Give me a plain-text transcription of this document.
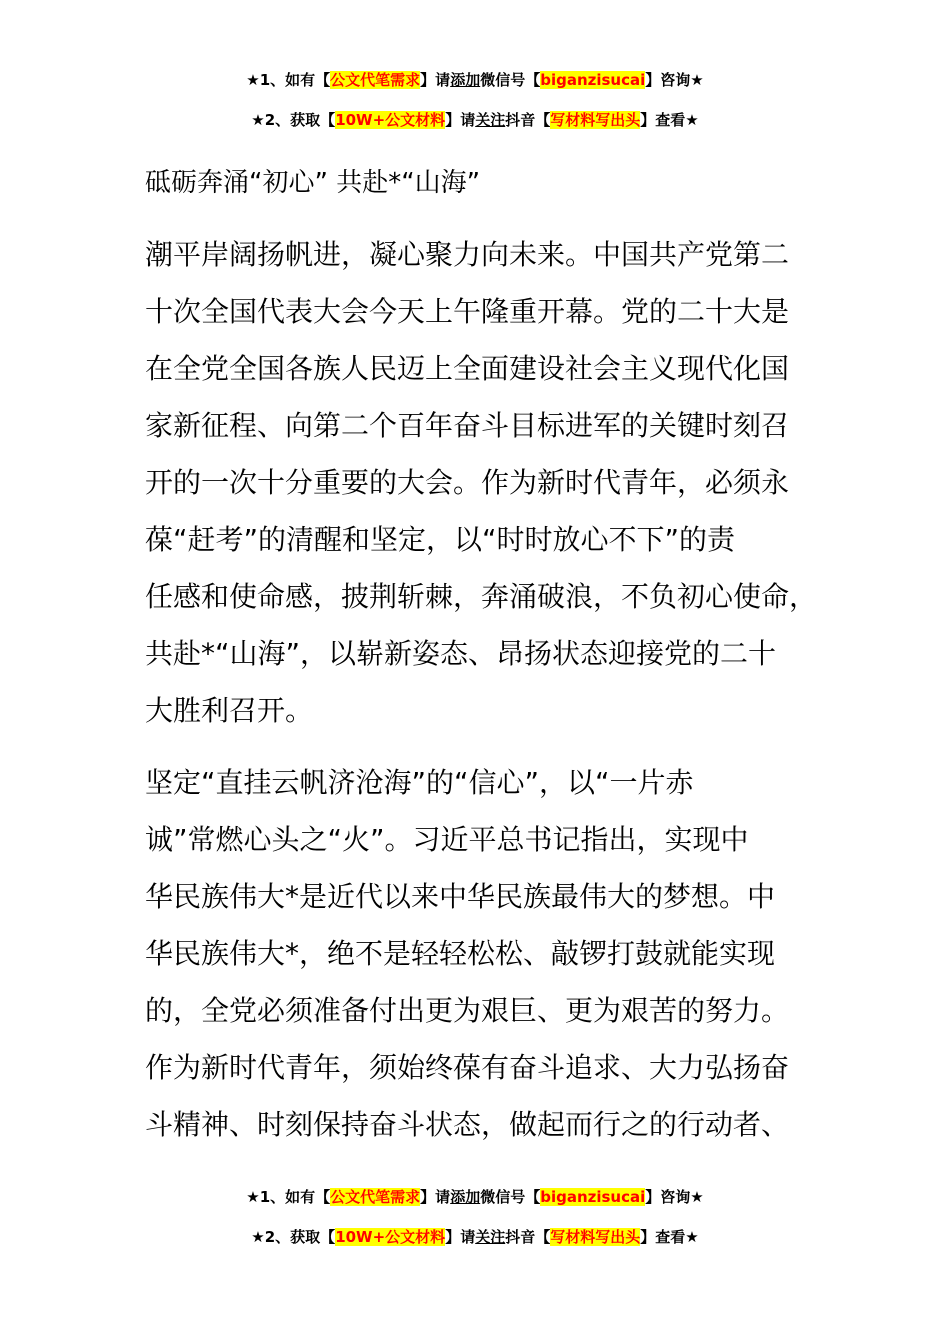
★1、如有【公文代笔需求】请添加微信号【biganzisucai】咨询★
★2、获取【10W+公文材料】请关注抖音【写材料写出头】查看★
砥砺奔涌“初心” 共赴*“山海”
潮平岸阔扬帆进，凝心聚力向未来。中国共产党第二
十次全国代表大会今天上午隆重开幕。党的二十大是
在全党全国各族人民迈上全面建设社会主义现代化国
家新征程、向第二个百年奋斗目标进军的关键时刻召
开的一次十分重要的大会。作为新时代青年，必须永
葆“赶考”的清醒和坚定，以“时时放心不下”的责
任感和使命感，披荆斩棘，奔涌破浪，不负初心使命，
共赴*“山海”，以崭新姿态、昂扬状态迎接党的二十
大胜利召开。
坚定“直挂云帆济沧海”的“信心”，以“一片赤
诚”常燃心头之“火”。习近平总书记指出，实现中
华民族伟大*是近代以来中华民族最伟大的梦想。中
华民族伟大*，绝不是轻轻松松、敲锣打鼓就能实现
的，全党必须准备付出更为艰巨、更为艰苦的努力。
作为新时代青年，须始终葆有奋斗追求、大力弘扬奋
斗精神、时刻保持奋斗状态，做起而行之的行动者、
★1、如有【公文代笔需求】请添加微信号【biganzisucai】咨询★
★2、获取【10W+公文材料】请关注抖音【写材料写出头】查看★
